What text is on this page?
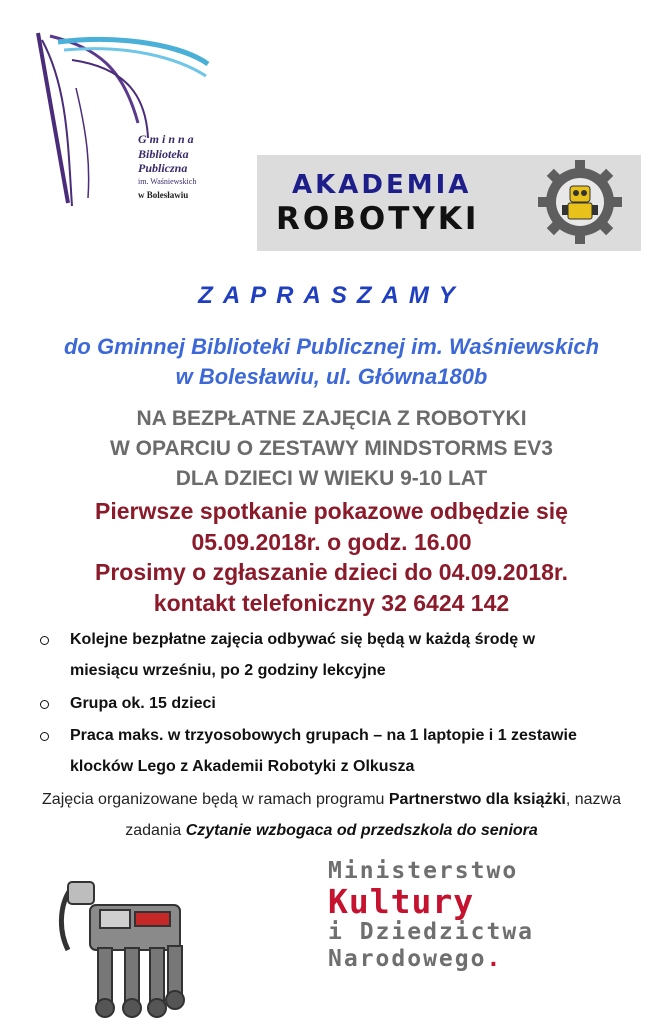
Gminna
Biblioteka
Publiczna
im. Waśniewskich
w Bolesławiu	AKADEMIA
ROBOTYKI
ZAPRASZAMY
do Gminnej Biblioteki Publicznej im. Waśniewskich
w Bolesławiu, ul. Główna180b
NA BEZPŁATNE ZAJĘCIA Z ROBOTYKI
W OPARCIU O ZESTAWY MINDSTORMS EV3
DLA DZIECI W WIEKU 9-10 LAT
Pierwsze spotkanie pokazowe odbędzie się
05.09.2018r. o godz. 16.00
Prosimy o zgłaszanie dzieci do 04.09.2018r.
kontakt telefoniczny 32 6424 142
Kolejne bezpłatne zajęcia odbywać się będą w każdą środę w
miesiącu wrześniu, po 2 godziny lekcyjne
Grupa ok. 15 dzieci
Praca maks. w trzyosobowych grupach – na 1 laptopie i 1 zestawie
klocków Lego z Akademii Robotyki z Olkusza
Zajęcia organizowane będą w ramach programu Partnerstwo dla książki, nazwa
zadania Czytanie wzbogaca od przedszkola do seniora
Ministerstwo
Kultury
i Dziedzictwa
Narodowego.
